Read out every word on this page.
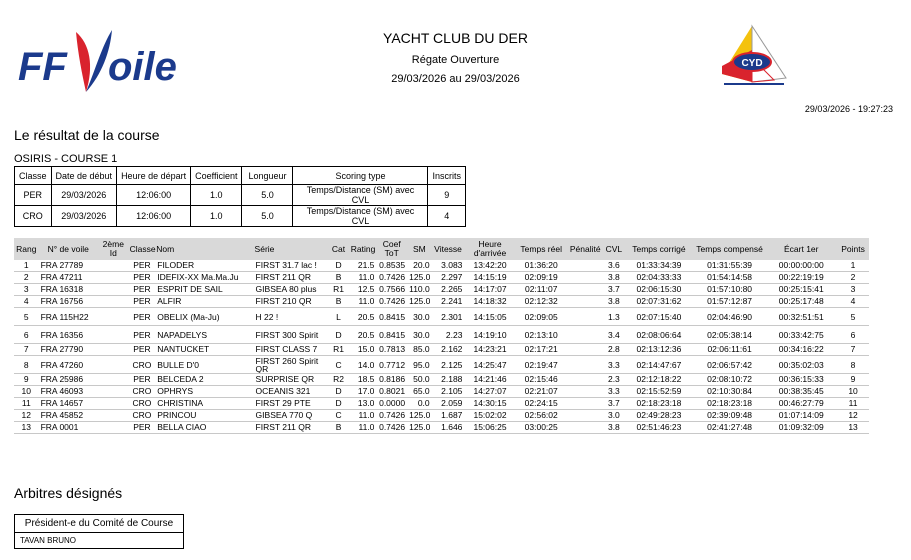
FF oile
YACHT CLUB DU DER
Régate Ouverture
29/03/2026 au 29/03/2026
CYD
29/03/2026 - 19:27:23
Le résultat de la course
OSIRIS - COURSE 1
Classe	Date de début	Heure de départ	Coefficient	Longueur	Scoring type	Inscrits
PER	29/03/2026	12:06:00	1.0	5.0	Temps/Distance (SM) avec CVL	9
CRO	29/03/2026	12:06:00	1.0	5.0	Temps/Distance (SM) avec CVL	4
Rang	N° de voile	2ème Id	Classe	Nom	Série	Cat	Rating	Coef ToT	SM	Vitesse	Heure d'arrivée	Temps réel	Pénalité	CVL	Temps corrigé	Temps compensé	Écart 1er	Points
1	FRA 27789		PER	FILODER	FIRST 31.7 lac !	D	21.5	0.8535	20.0	3.083	13:42:20	01:36:20		3.6	01:33:34:39	01:31:55:39	00:00:00:00	1
2	FRA 47211		PER	IDEFIX-XX Ma.Ma.Ju	FIRST 211 QR	B	11.0	0.7426	125.0	2.297	14:15:19	02:09:19		3.8	02:04:33:33	01:54:14:58	00:22:19:19	2
3	FRA 16318		PER	ESPRIT DE SAIL	GIBSEA 80 plus	R1	12.5	0.7566	110.0	2.265	14:17:07	02:11:07		3.7	02:06:15:30	01:57:10:80	00:25:15:41	3
4	FRA 16756		PER	ALFIR	FIRST 210 QR	B	11.0	0.7426	125.0	2.241	14:18:32	02:12:32		3.8	02:07:31:62	01:57:12:87	00:25:17:48	4
5	FRA 115H22		PER	OBELIX (Ma-Ju)	H 22 !	L	20.5	0.8415	30.0	2.301	14:15:05	02:09:05		1.3	02:07:15:40	02:04:46:90	00:32:51:51	5
6	FRA 16356		PER	NAPADELYS	FIRST 300 Spirit	D	20.5	0.8415	30.0	2.23	14:19:10	02:13:10		3.4	02:08:06:64	02:05:38:14	00:33:42:75	6
7	FRA 27790		PER	NANTUCKET	FIRST CLASS 7	R1	15.0	0.7813	85.0	2.162	14:23:21	02:17:21		2.8	02:13:12:36	02:06:11:61	00:34:16:22	7
8	FRA 47260		CRO	BULLE D'0	FIRST 260 Spirit QR	C	14.0	0.7712	95.0	2.125	14:25:47	02:19:47		3.3	02:14:47:67	02:06:57:42	00:35:02:03	8
9	FRA 25986		PER	BELCEDA 2	SURPRISE QR	R2	18.5	0.8186	50.0	2.188	14:21:46	02:15:46		2.3	02:12:18:22	02:08:10:72	00:36:15:33	9
10	FRA 46093		CRO	OPHRYS	OCEANIS 321	D	17.0	0.8021	65.0	2.105	14:27:07	02:21:07		3.3	02:15:52:59	02:10:30:84	00:38:35:45	10
11	FRA 14657		CRO	CHRISTINA	FIRST 29 PTE	D	13.0	0.0000	0.0	2.059	14:30:15	02:24:15		3.7	02:18:23:18	02:18:23:18	00:46:27:79	11
12	FRA 45852		CRO	PRINCOU	GIBSEA 770 Q	C	11.0	0.7426	125.0	1.687	15:02:02	02:56:02		3.0	02:49:28:23	02:39:09:48	01:07:14:09	12
13	FRA 0001		PER	BELLA CIAO	FIRST 211 QR	B	11.0	0.7426	125.0	1.646	15:06:25	03:00:25		3.8	02:51:46:23	02:41:27:48	01:09:32:09	13
Arbitres désignés
Président-e du Comité de Course
TAVAN BRUNO
